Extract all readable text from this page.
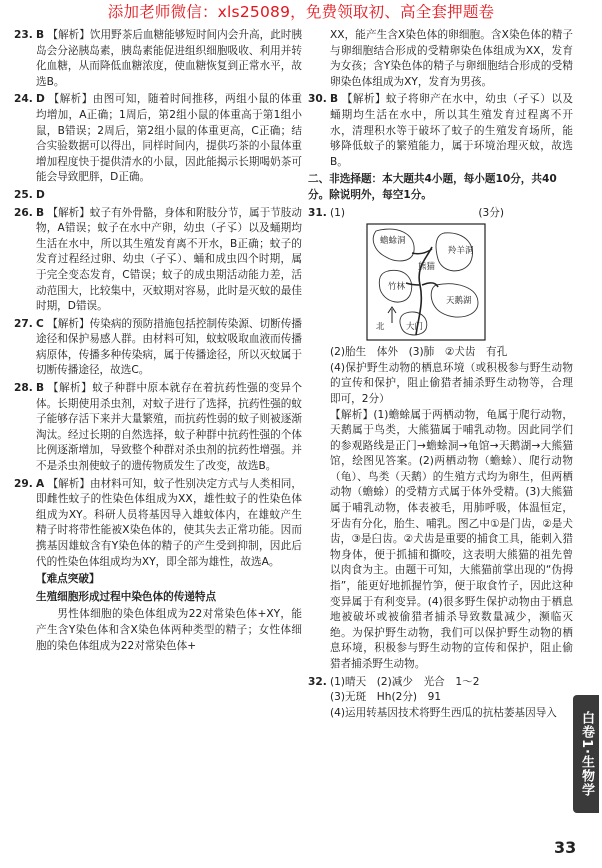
添加老师微信：xls25089，免费领取初、高全套押题卷
23. B 【解析】饮用野茶后血糖能够短时间内会升高，此时胰岛会分泌胰岛素，胰岛素能促进组织细胞吸收、利用并转化血糖，从而降低血糖浓度，使血糖恢复到正常水平，故选B。
24. D 【解析】由图可知，随着时间推移，两组小鼠的体重均增加，A正确；1周后，第2组小鼠的体重高于第1组小鼠，B错误；2周后，第2组小鼠的体重更高，C正确；结合实验数据可以得出，同样时间内，提供巧茶的小鼠体重增加程度快于提供清水的小鼠，因此能揭示长期喝奶茶可能会导致肥胖，D正确。
25. D
26. B 【解析】蚊子有外骨骼，身体和附肢分节，属于节肢动物，A错误；蚊子在水中产卵，幼虫（孑孓）以及蛹期均生活在水中，所以其生殖发育离不开水，B正确；蚊子的发育过程经过卵、幼虫（孑孓）、蛹和成虫四个时期，属于完全变态发育，C错误；蚊子的成虫期活动能力差，活动范围大，比较集中，灭蚊期对容易，此时是灭蚊的最佳时期，D错误。
27. C 【解析】传染病的预防措施包括控制传染源、切断传播途径和保护易感人群。由材料可知，蚊蚊吸取血液而传播病原体，传播多种传染病，属于传播途径，所以灭蚊属于切断传播途径，故选C。
28. B 【解析】蚊子种群中原本就存在着抗药性强的变异个体。长期使用杀虫剂，对蚊子进行了选择，抗药性强的蚊子能够存活下来并大量繁殖，而抗药性弱的蚊子则被逐渐淘汰。经过长期的自然选择，蚊子种群中抗药性强的个体比例逐渐增加，导致整个种群对杀虫剂的抗药性增强。并不是杀虫剂使蚊子的遗传物质发生了改变，故选B。
29. A 【解析】由材料可知，蚊子性别决定方式与人类相同，即雌性蚊子的性染色体组成为XX，雄性蚊子的性染色体组成为XY。科研人员将基因导入雄蚊体内，在雄蚊产生精子时将带性能被X染色体的，使其失去正常功能。因而携基因雄蚊含有Y染色体的精子的产生受到抑制，因此后代的性染色体组成均为XY，即全部为雄性，故选A。
【难点突破】
生殖细胞形成过程中染色体的传递特点

男性体细胞的染色体组成为22对常染色体+XY，能产生含Y染色体和含X染色体两种类型的精子；女性体细胞的染色体组成为22对常染色体+

XX，能产生含X染色体的卵细胞。含X染色体的精子与卵细胞结合形成的受精卵染色体组成为XX，发育为女孩；含Y染色体的精子与卵细胞结合形成的受精卵染色体组成为XY，发育为男孩。
30. B 【解析】蚊子将卵产在水中，幼虫（孑孓）以及蛹期均生活在水中，所以其生殖发育过程离不开水，清理积水等于破坏了蚊子的生殖发育场所，能够降低蚊子的繁殖能力，属于环境治理灭蚊，故选B。
二、非选择题：本大题共4小题，每小题10分，共40分。除说明外，每空1分。
31. (1)	(3分)
蟾蜍洞
羚羊洞
竹林
熊猫
天鹅湖
大门
北

(2)胎生　体外　(3)肺　②犬齿　有孔

(4)保护野生动物的栖息环境（或积极参与野生动物的宣传和保护，阻止偷猎者捕杀野生动物等，合理即可，2分）

【解析】(1)蟾蜍属于两栖动物，龟属于爬行动物，天鹅属于鸟类，大熊猫属于哺乳动物。因此同学们的参观路线是正门→蟾蜍洞→龟馆→天鹅湖→大熊猫馆，绘图见答案。(2)两栖动物（蟾蜍）、爬行动物（龟）、鸟类（天鹅）的生殖方式均为卵生，但两栖动物（蟾蜍）的受精方式属于体外受精。(3)大熊猫属于哺乳动物，体表被毛，用肺呼吸，体温恒定，牙齿有分化，胎生、哺乳。图乙中①是门齿，②是犬齿，③是臼齿。②犬齿是重要的捕食工具，能刺入猎物身体，便于抓捕和撕咬，这表明大熊猫的祖先曾以肉食为主。由题干可知，大熊猫前掌出现的“伪拇指”，能更好地抓握竹笋，便于取食竹子，因此这种变异属于有利变异。(4)很多野生保护动物由于栖息地被破坏或被偷猎者捕杀导致数量减少，濒临灭绝。为保护野生动物，我们可以保护野生动物的栖息环境，积极参与野生动物的宣传和保护，阻止偷猎者捕杀野生动物。

32. (1)晴天　(2)减少　光合　1～2

(3)无斑　Hh(2分)　91

(4)运用转基因技术将野生西瓜的抗枯萎基因导入	白卷1·生物学
33
